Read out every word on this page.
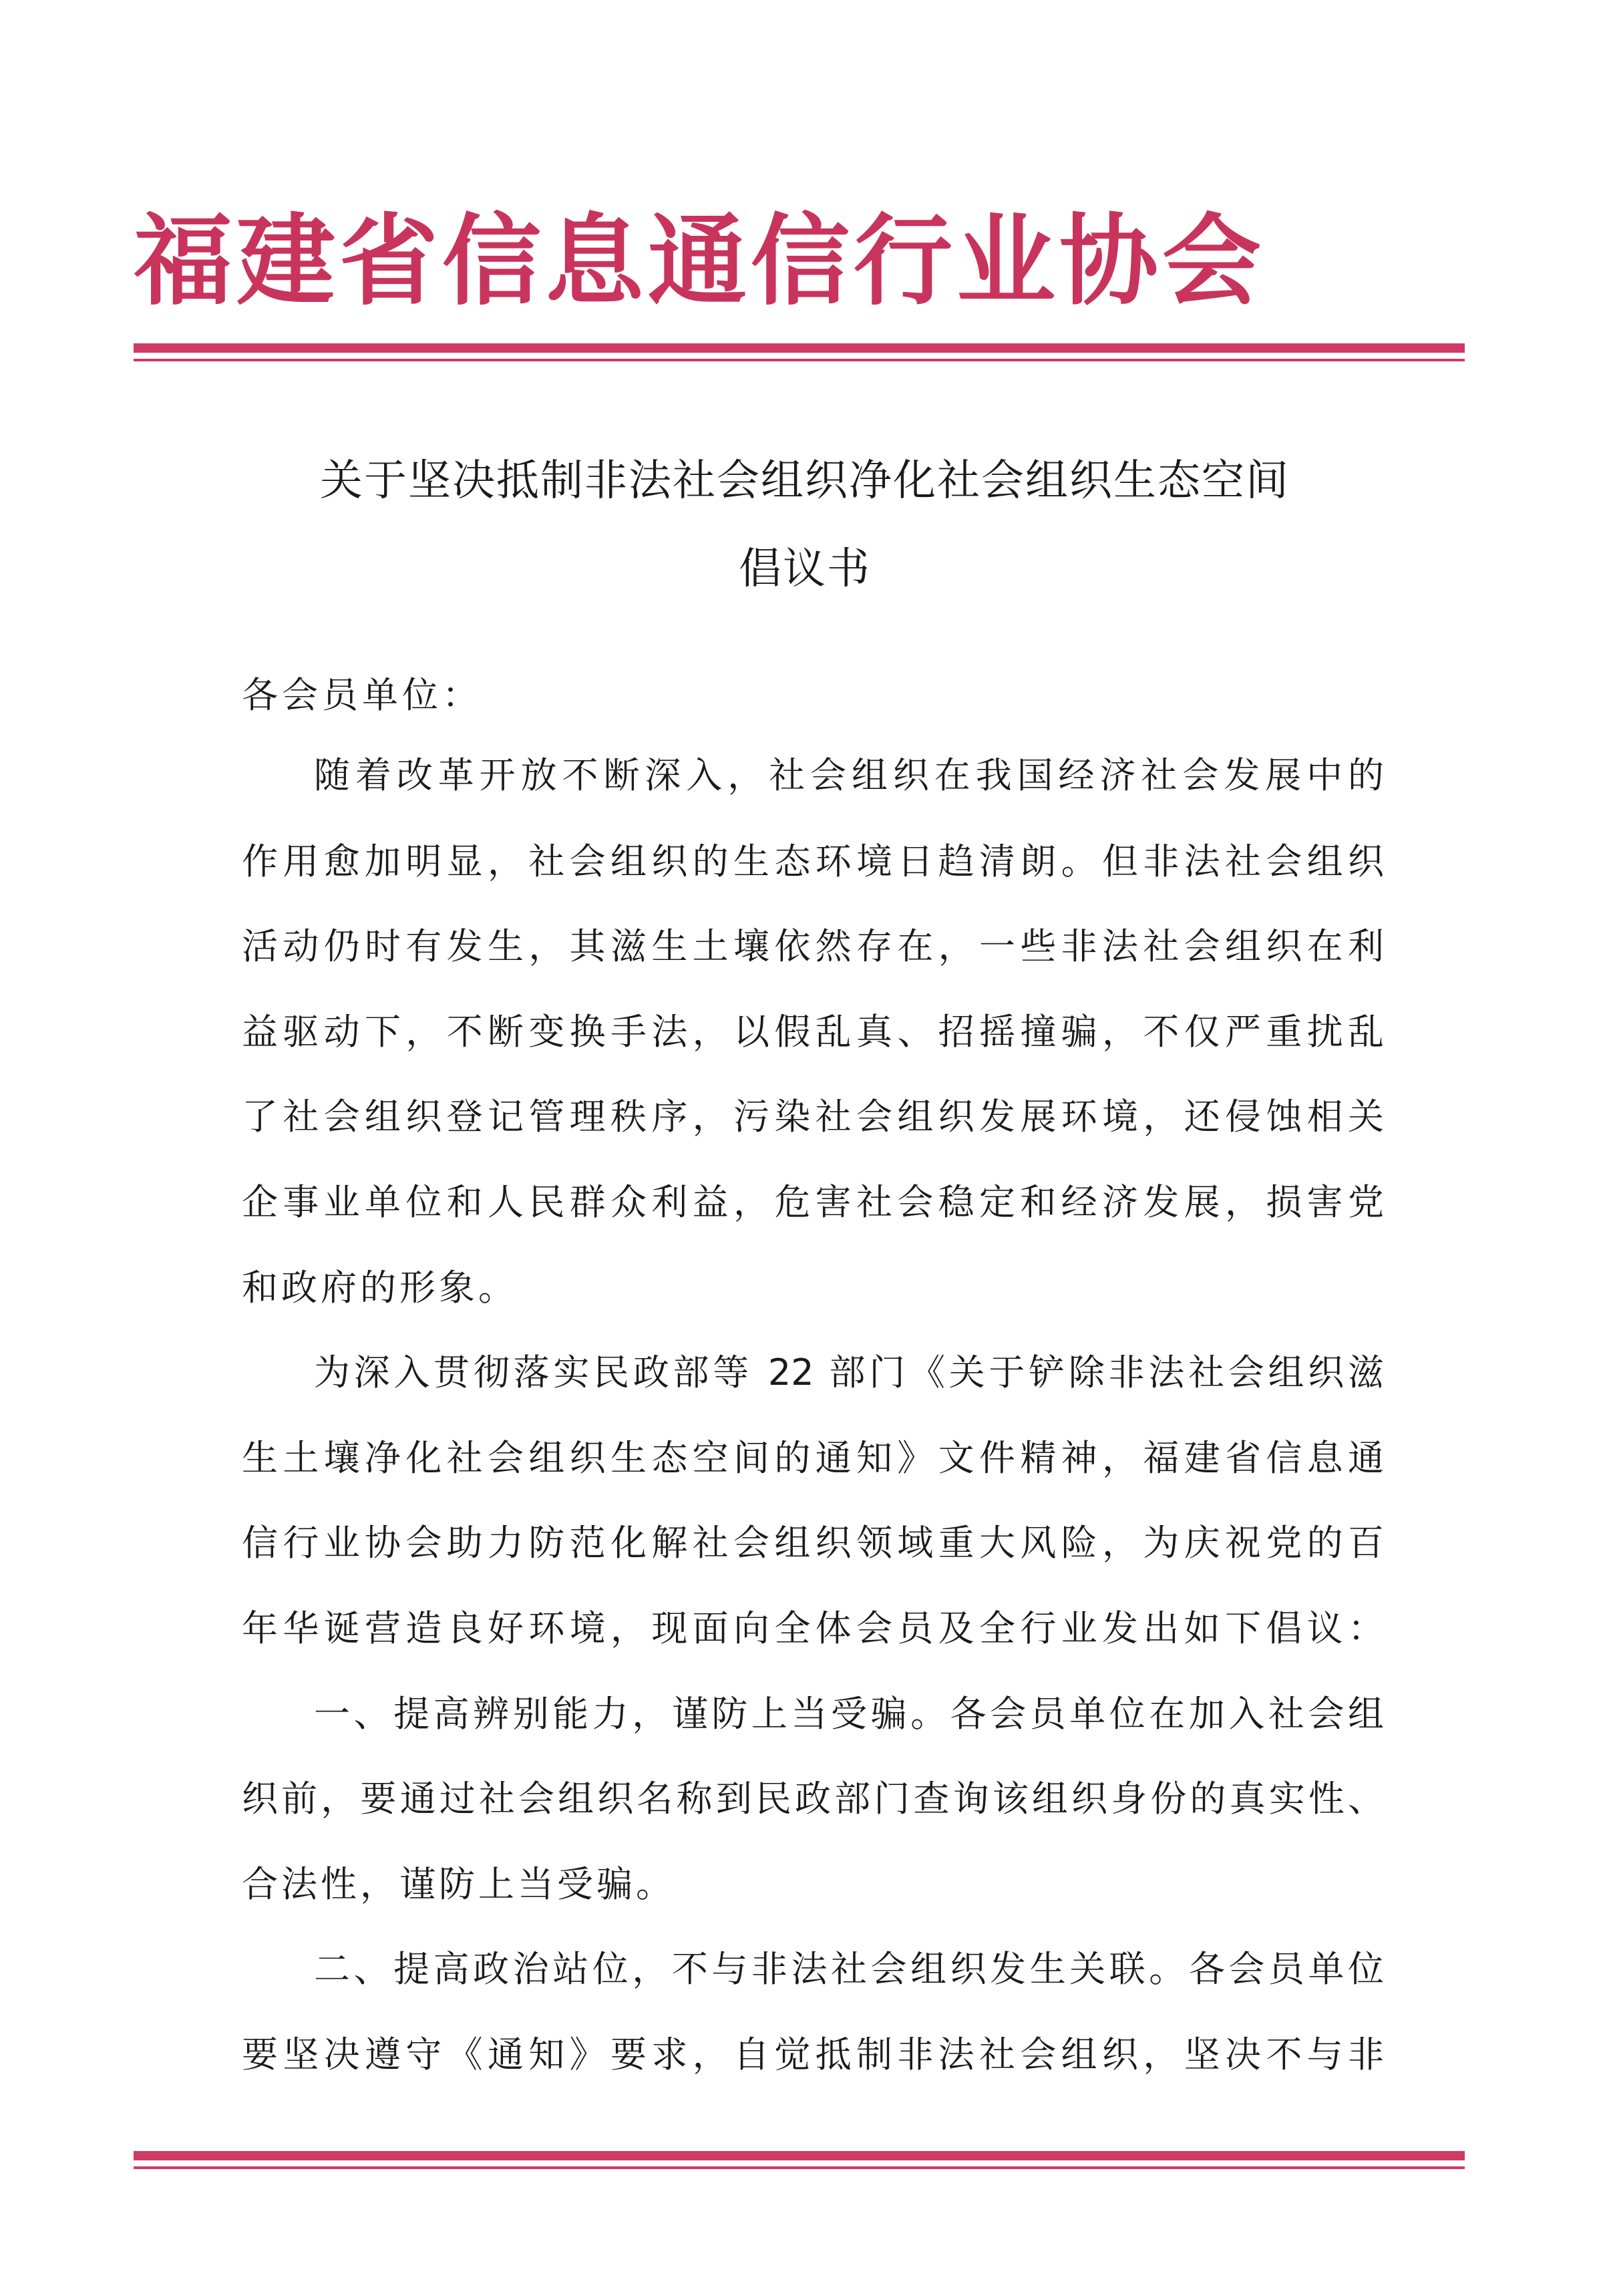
福建省信息通信行业协会
关于坚决抵制非法社会组织净化社会组织生态空间
倡议书
各会员单位：
随着改革开放不断深入，社会组织在我国经济社会发展中的
作用愈加明显，社会组织的生态环境日趋清朗。但非法社会组织
活动仍时有发生，其滋生土壤依然存在，一些非法社会组织在利
益驱动下，不断变换手法，以假乱真、招摇撞骗，不仅严重扰乱
了社会组织登记管理秩序，污染社会组织发展环境，还侵蚀相关
企事业单位和人民群众利益，危害社会稳定和经济发展，损害党
和政府的形象。
为深入贯彻落实民政部等 22 部门《关于铲除非法社会组织滋
生土壤净化社会组织生态空间的通知》文件精神，福建省信息通
信行业协会助力防范化解社会组织领域重大风险，为庆祝党的百
年华诞营造良好环境，现面向全体会员及全行业发出如下倡议：
一、提高辨别能力，谨防上当受骗。各会员单位在加入社会组
织前，要通过社会组织名称到民政部门查询该组织身份的真实性、
合法性，谨防上当受骗。
二、提高政治站位，不与非法社会组织发生关联。各会员单位
要坚决遵守《通知》要求，自觉抵制非法社会组织，坚决不与非
